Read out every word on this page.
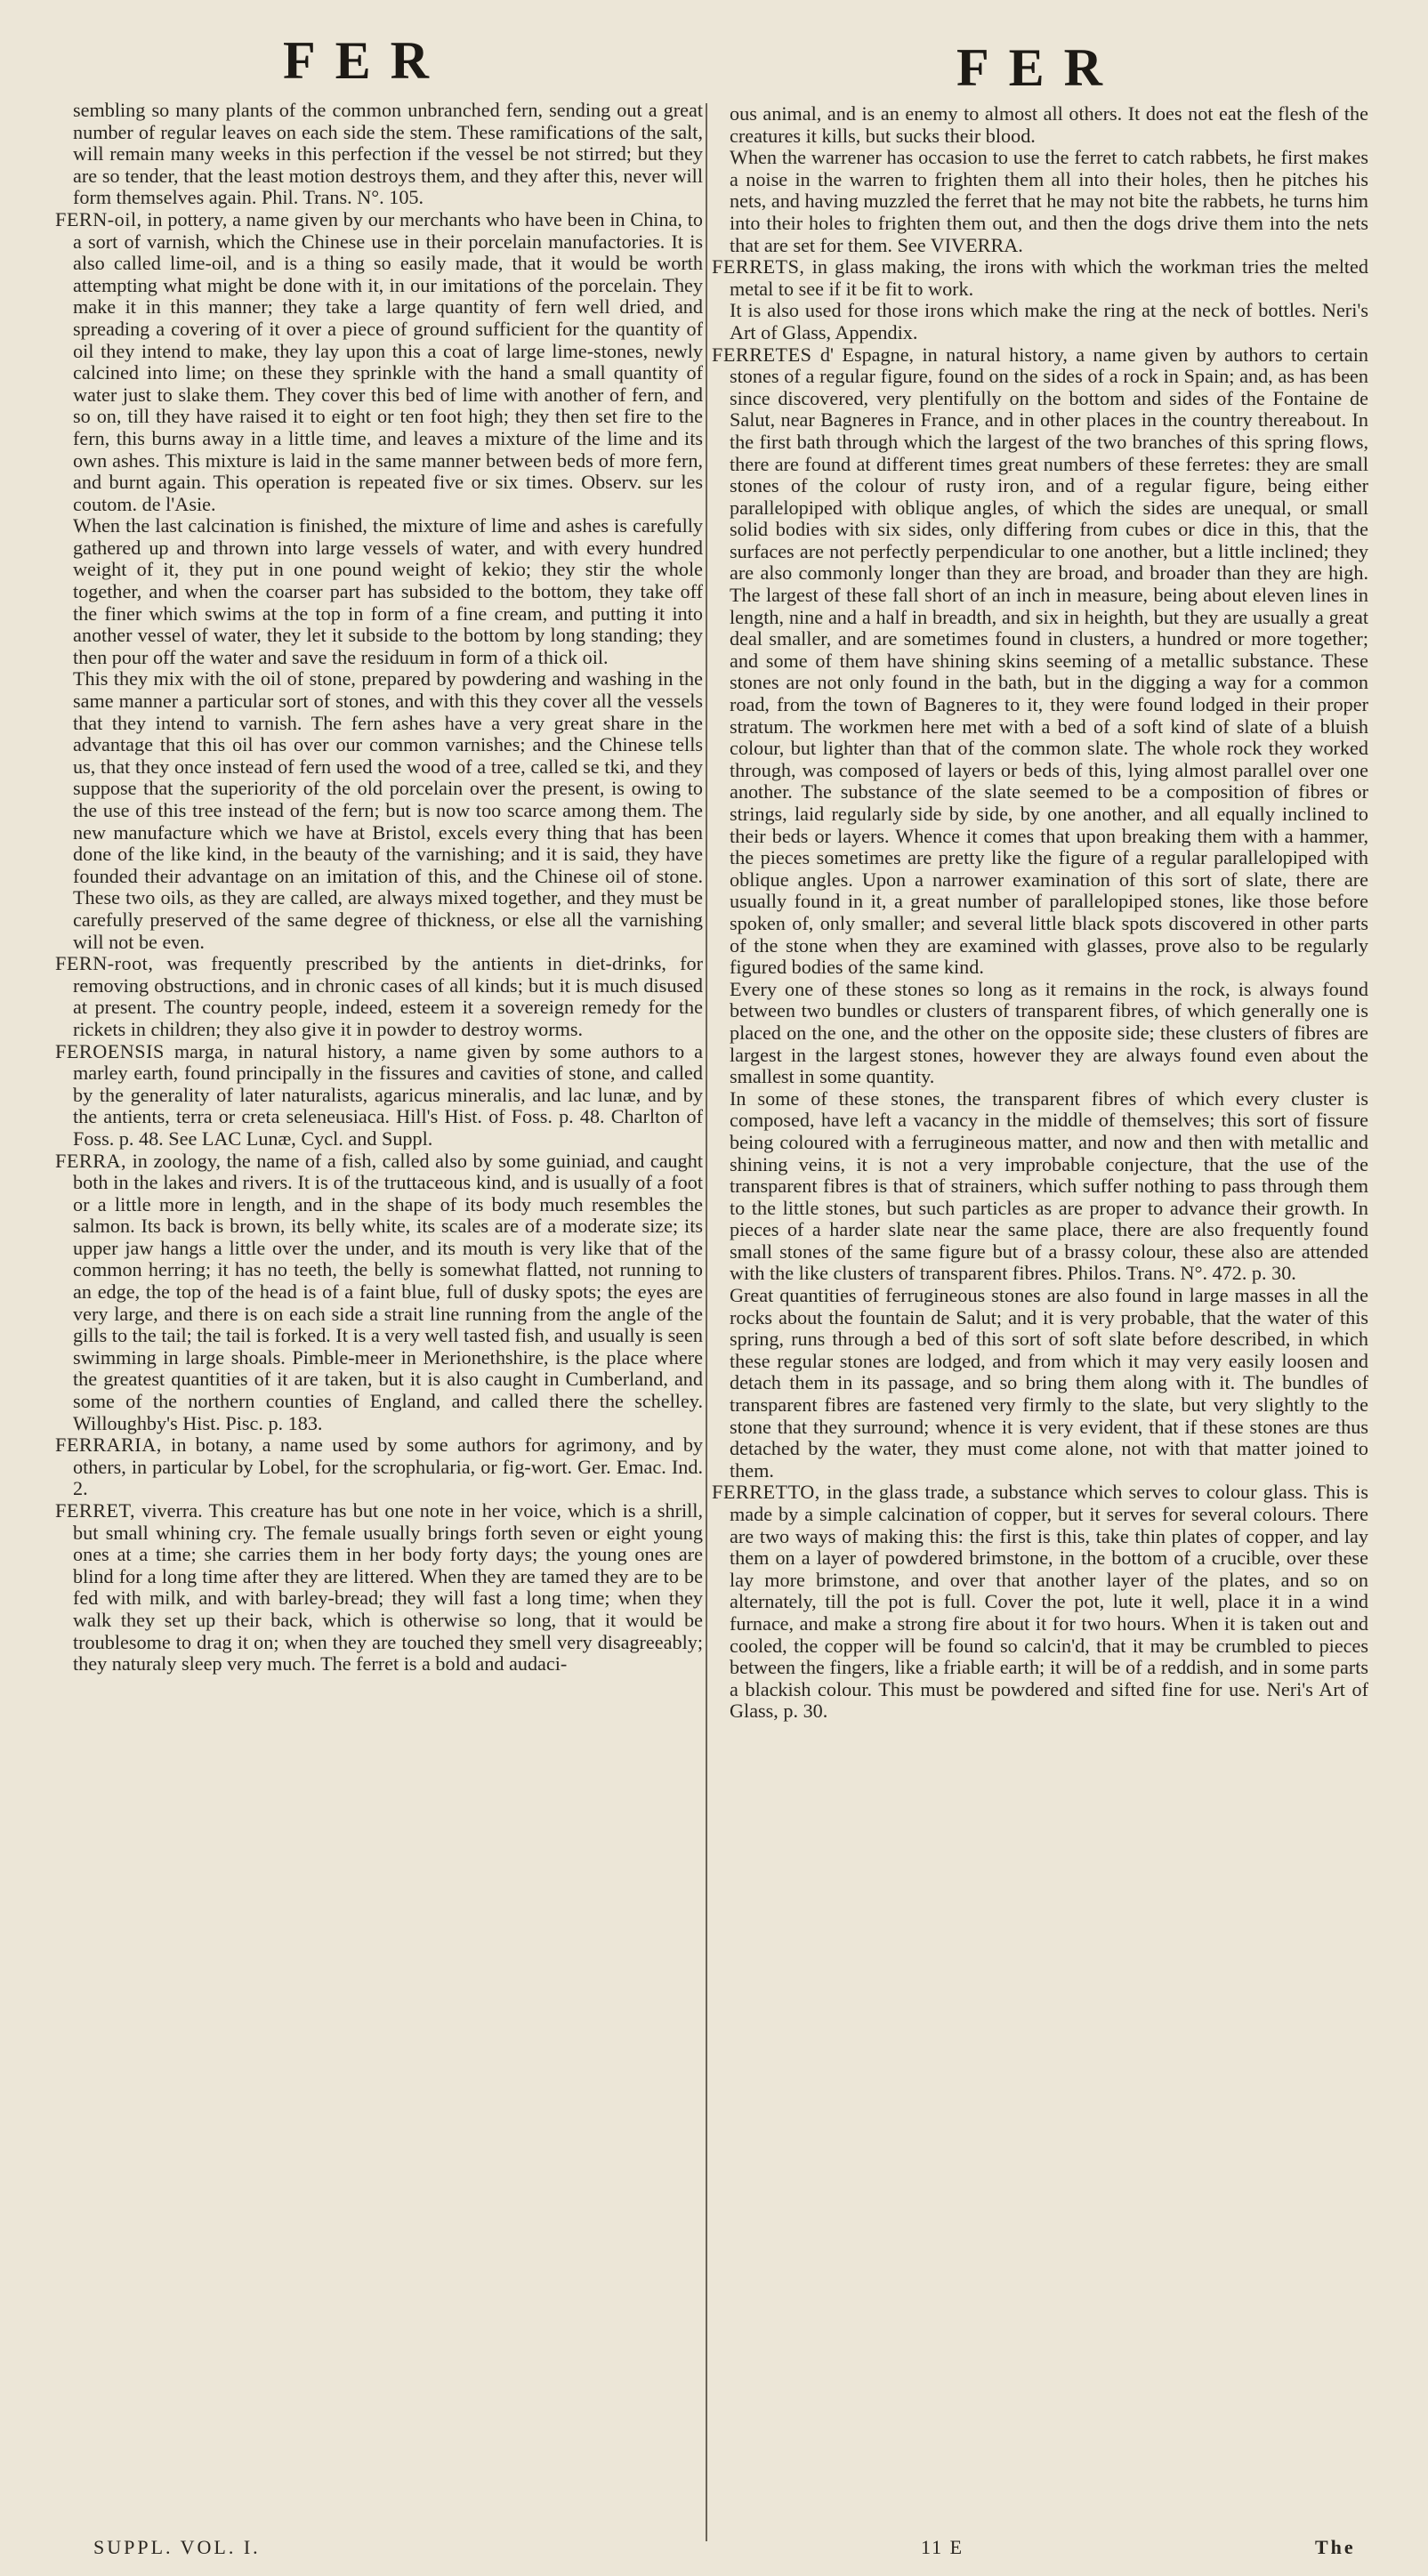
FER	FER

sembling so many plants of the common unbranched fern, sending out a great number of regular leaves on each side the stem. These ramifications of the salt, will remain many weeks in this perfection if the vessel be not stirred; but they are so tender, that the least motion destroys them, and they after this, never will form themselves again. Phil. Trans. N°. 105.

FERN-oil, in pottery, a name given by our merchants who have been in China, to a sort of varnish, which the Chinese use in their porcelain manufactories. It is also called lime-oil, and is a thing so easily made, that it would be worth attempting what might be done with it, in our imitations of the porcelain. They make it in this manner; they take a large quantity of fern well dried, and spreading a covering of it over a piece of ground sufficient for the quantity of oil they intend to make, they lay upon this a coat of large lime-stones, newly calcined into lime; on these they sprinkle with the hand a small quantity of water just to slake them. They cover this bed of lime with another of fern, and so on, till they have raised it to eight or ten foot high; they then set fire to the fern, this burns away in a little time, and leaves a mixture of the lime and its own ashes. This mixture is laid in the same manner between beds of more fern, and burnt again. This operation is repeated five or six times. Observ. sur les coutom. de l'Asie.

When the last calcination is finished, the mixture of lime and ashes is carefully gathered up and thrown into large vessels of water, and with every hundred weight of it, they put in one pound weight of kekio; they stir the whole together, and when the coarser part has subsided to the bottom, they take off the finer which swims at the top in form of a fine cream, and putting it into another vessel of water, they let it subside to the bottom by long standing; they then pour off the water and save the residuum in form of a thick oil.

This they mix with the oil of stone, prepared by powdering and washing in the same manner a particular sort of stones, and with this they cover all the vessels that they intend to varnish. The fern ashes have a very great share in the advantage that this oil has over our common varnishes; and the Chinese tells us, that they once instead of fern used the wood of a tree, called se tki, and they suppose that the superiority of the old porcelain over the present, is owing to the use of this tree instead of the fern; but is now too scarce among them. The new manufacture which we have at Bristol, excels every thing that has been done of the like kind, in the beauty of the varnishing; and it is said, they have founded their advantage on an imitation of this, and the Chinese oil of stone. These two oils, as they are called, are always mixed together, and they must be carefully preserved of the same degree of thickness, or else all the varnishing will not be even.

FERN-root, was frequently prescribed by the antients in diet-drinks, for removing obstructions, and in chronic cases of all kinds; but it is much disused at present. The country people, indeed, esteem it a sovereign remedy for the rickets in children; they also give it in powder to destroy worms.

FEROENSIS marga, in natural history, a name given by some authors to a marley earth, found principally in the fissures and cavities of stone, and called by the generality of later naturalists, agaricus mineralis, and lac lunæ, and by the antients, terra or creta seleneusiaca. Hill's Hist. of Foss. p. 48. Charlton of Foss. p. 48. See LAC Lunæ, Cycl. and Suppl.

FERRA, in zoology, the name of a fish, called also by some guiniad, and caught both in the lakes and rivers. It is of the truttaceous kind, and is usually of a foot or a little more in length, and in the shape of its body much resembles the salmon. Its back is brown, its belly white, its scales are of a moderate size; its upper jaw hangs a little over the under, and its mouth is very like that of the common herring; it has no teeth, the belly is somewhat flatted, not running to an edge, the top of the head is of a faint blue, full of dusky spots; the eyes are very large, and there is on each side a strait line running from the angle of the gills to the tail; the tail is forked. It is a very well tasted fish, and usually is seen swimming in large shoals. Pimble-meer in Merionethshire, is the place where the greatest quantities of it are taken, but it is also caught in Cumberland, and some of the northern counties of England, and called there the schelley. Willoughby's Hist. Pisc. p. 183.

FERRARIA, in botany, a name used by some authors for agrimony, and by others, in particular by Lobel, for the scrophularia, or fig-wort. Ger. Emac. Ind. 2.

FERRET, viverra. This creature has but one note in her voice, which is a shrill, but small whining cry. The female usually brings forth seven or eight young ones at a time; she carries them in her body forty days; the young ones are blind for a long time after they are littered. When they are tamed they are to be fed with milk, and with barley-bread; they will fast a long time; when they walk they set up their back, which is otherwise so long, that it would be troublesome to drag it on; when they are touched they smell very disagreeably; they naturaly sleep very much. The ferret is a bold and audaci-

ous animal, and is an enemy to almost all others. It does not eat the flesh of the creatures it kills, but sucks their blood.

When the warrener has occasion to use the ferret to catch rabbets, he first makes a noise in the warren to frighten them all into their holes, then he pitches his nets, and having muzzled the ferret that he may not bite the rabbets, he turns him into their holes to frighten them out, and then the dogs drive them into the nets that are set for them. See VIVERRA.

FERRETS, in glass making, the irons with which the workman tries the melted metal to see if it be fit to work.

It is also used for those irons which make the ring at the neck of bottles. Neri's Art of Glass, Appendix.

FERRETES d' Espagne, in natural history, a name given by authors to certain stones of a regular figure, found on the sides of a rock in Spain; and, as has been since discovered, very plentifully on the bottom and sides of the Fontaine de Salut, near Bagneres in France, and in other places in the country thereabout. In the first bath through which the largest of the two branches of this spring flows, there are found at different times great numbers of these ferretes: they are small stones of the colour of rusty iron, and of a regular figure, being either parallelopiped with oblique angles, of which the sides are unequal, or small solid bodies with six sides, only differing from cubes or dice in this, that the surfaces are not perfectly perpendicular to one another, but a little inclined; they are also commonly longer than they are broad, and broader than they are high. The largest of these fall short of an inch in measure, being about eleven lines in length, nine and a half in breadth, and six in heighth, but they are usually a great deal smaller, and are sometimes found in clusters, a hundred or more together; and some of them have shining skins seeming of a metallic substance. These stones are not only found in the bath, but in the digging a way for a common road, from the town of Bagneres to it, they were found lodged in their proper stratum. The workmen here met with a bed of a soft kind of slate of a bluish colour, but lighter than that of the common slate. The whole rock they worked through, was composed of layers or beds of this, lying almost parallel over one another. The substance of the slate seemed to be a composition of fibres or strings, laid regularly side by side, by one another, and all equally inclined to their beds or layers. Whence it comes that upon breaking them with a hammer, the pieces sometimes are pretty like the figure of a regular parallelopiped with oblique angles. Upon a narrower examination of this sort of slate, there are usually found in it, a great number of parallelopiped stones, like those before spoken of, only smaller; and several little black spots discovered in other parts of the stone when they are examined with glasses, prove also to be regularly figured bodies of the same kind.

Every one of these stones so long as it remains in the rock, is always found between two bundles or clusters of transparent fibres, of which generally one is placed on the one, and the other on the opposite side; these clusters of fibres are largest in the largest stones, however they are always found even about the smallest in some quantity.

In some of these stones, the transparent fibres of which every cluster is composed, have left a vacancy in the middle of themselves; this sort of fissure being coloured with a ferrugineous matter, and now and then with metallic and shining veins, it is not a very improbable conjecture, that the use of the transparent fibres is that of strainers, which suffer nothing to pass through them to the little stones, but such particles as are proper to advance their growth. In pieces of a harder slate near the same place, there are also frequently found small stones of the same figure but of a brassy colour, these also are attended with the like clusters of transparent fibres. Philos. Trans. N°. 472. p. 30.

Great quantities of ferrugineous stones are also found in large masses in all the rocks about the fountain de Salut; and it is very probable, that the water of this spring, runs through a bed of this sort of soft slate before described, in which these regular stones are lodged, and from which it may very easily loosen and detach them in its passage, and so bring them along with it. The bundles of transparent fibres are fastened very firmly to the slate, but very slightly to the stone that they surround; whence it is very evident, that if these stones are thus detached by the water, they must come alone, not with that matter joined to them.

FERRETTO, in the glass trade, a substance which serves to colour glass. This is made by a simple calcination of copper, but it serves for several colours. There are two ways of making this: the first is this, take thin plates of copper, and lay them on a layer of powdered brimstone, in the bottom of a crucible, over these lay more brimstone, and over that another layer of the plates, and so on alternately, till the pot is full. Cover the pot, lute it well, place it in a wind furnace, and make a strong fire about it for two hours. When it is taken out and cooled, the copper will be found so calcin'd, that it may be crumbled to pieces between the fingers, like a friable earth; it will be of a reddish, and in some parts a blackish colour. This must be powdered and sifted fine for use. Neri's Art of Glass, p. 30.

SUPPL. VOL. I.	11 E	The
